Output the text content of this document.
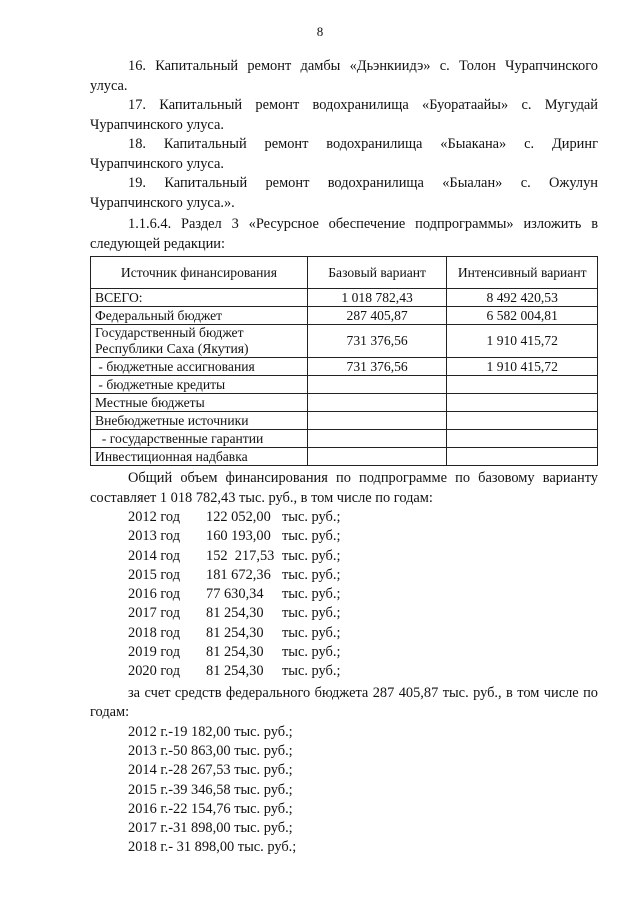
8

16. Капитальный ремонт дамбы «Дьэнкиидэ» с. Толон Чурапчинского улуса.

17. Капитальный ремонт водохранилища «Буоратаайы» с. Мугудай Чурапчинского улуса.

18. Капитальный ремонт водохранилища «Быакана» с. Диринг Чурапчинского улуса.

19. Капитальный ремонт водохранилища «Быалан» с. Ожулун Чурапчинского улуса.».

1.1.6.4. Раздел 3 «Ресурсное обеспечение подпрограммы» изложить в следующей редакции:

Источник финансирования	Базовый вариант	Интенсивный вариант
ВСЕГО:	1 018 782,43	8 492 420,53
Федеральный бюджет	287 405,87	6 582 004,81
Государственный бюджет Республики Саха (Якутия)	731 376,56	1 910 415,72
- бюджетные ассигнования	731 376,56	1 910 415,72
- бюджетные кредиты		
Местные бюджеты		
Внебюджетные источники		
- государственные гарантии		
Инвестиционная надбавка		

Общий объем финансирования по подпрограмме по базовому варианту составляет 1 018 782,43 тыс. руб., в том числе по годам:

2012 год 122 052,00 тыс. руб.;
2013 год 160 193,00 тыс. руб.;
2014 год 152  217,53 тыс. руб.;
2015 год 181 672,36 тыс. руб.;
2016 год 77 630,34 тыс. руб.;
2017 год 81 254,30 тыс. руб.;
2018 год 81 254,30 тыс. руб.;
2019 год 81 254,30 тыс. руб.;
2020 год 81 254,30 тыс. руб.;

за счет средств федерального бюджета 287 405,87 тыс. руб., в том числе по годам:

2012 г.-19 182,00 тыс. руб.;
2013 г.-50 863,00 тыс. руб.;
2014 г.-28 267,53 тыс. руб.;
2015 г.-39 346,58 тыс. руб.;
2016 г.-22 154,76 тыс. руб.;
2017 г.-31 898,00 тыс. руб.;
2018 г.- 31 898,00 тыс. руб.;
